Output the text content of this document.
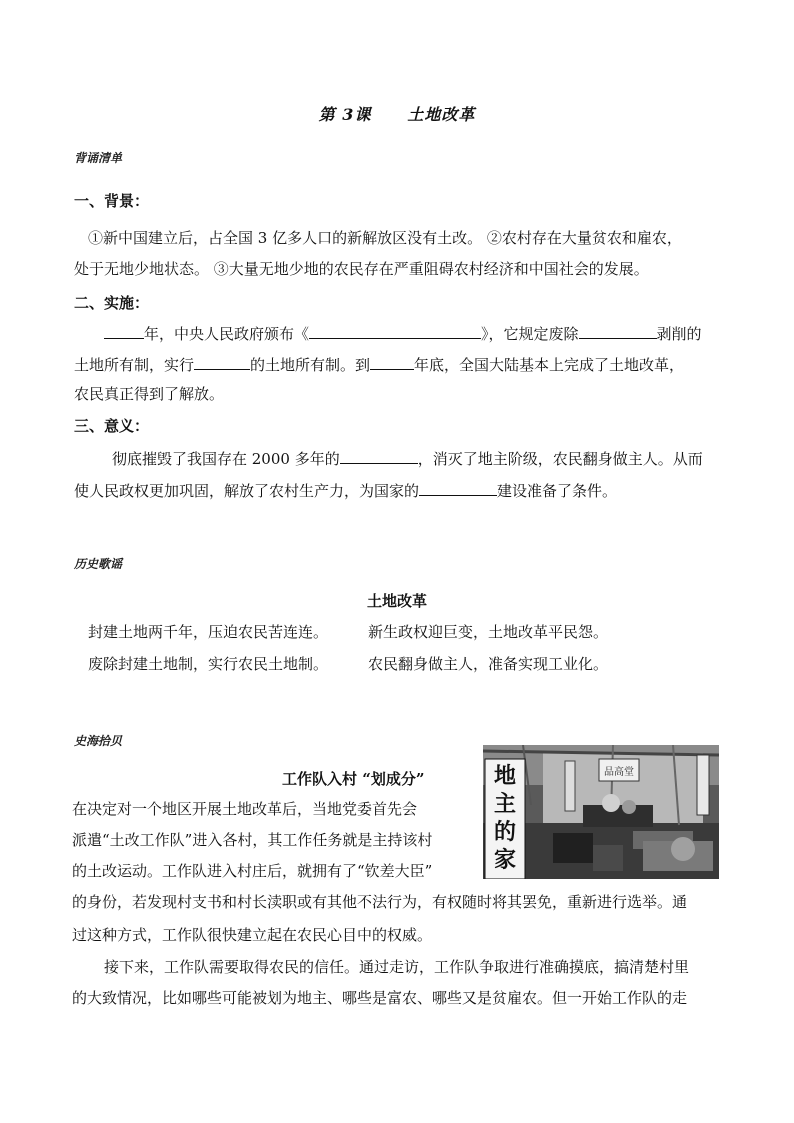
第 3课 土地改革
背诵清单
一、背景：
①新中国建立后，占全国 3 亿多人口的新解放区没有土改。 ②农村存在大量贫农和雇农，
处于无地少地状态。 ③大量无地少地的农民存在严重阻碍农村经济和中国社会的发展。
二、实施：
年，中央人民政府颁布《	》，它规定废除	剥削的
土地所有制，实行	的土地所有制。到	年底，全国大陆基本上完成了土地改革，
农民真正得到了解放。
三、意义：
彻底摧毁了我国存在 2000 多年的	，消灭了地主阶级，农民翻身做主人。从而
使人民政权更加巩固，解放了农村生产力，为国家的	建设准备了条件。
历史歌谣
土地改革
封建土地两千年，压迫农民苦连连。	新生政权迎巨变，土地改革平民怨。
废除封建土地制，实行农民土地制。	农民翻身做主人，准备实现工业化。
史海拾贝
工作队入村 “划成分”
在决定对一个地区开展土地改革后，当地党委首先会
派遣“土改工作队”进入各村，其工作任务就是主持该村
的土改运动。工作队进入村庄后，就拥有了“钦差大臣”
的身份，若发现村支书和村长渎职或有其他不法行为，有权随时将其罢免，重新进行选举。通
过这种方式，工作队很快建立起在农民心目中的权威。
接下来，工作队需要取得农民的信任。通过走访，工作队争取进行准确摸底，搞清楚村里
的大致情况，比如哪些可能被划为地主、哪些是富农、哪些又是贫雇农。但一开始工作队的走
品高堂
地
主
的
家
